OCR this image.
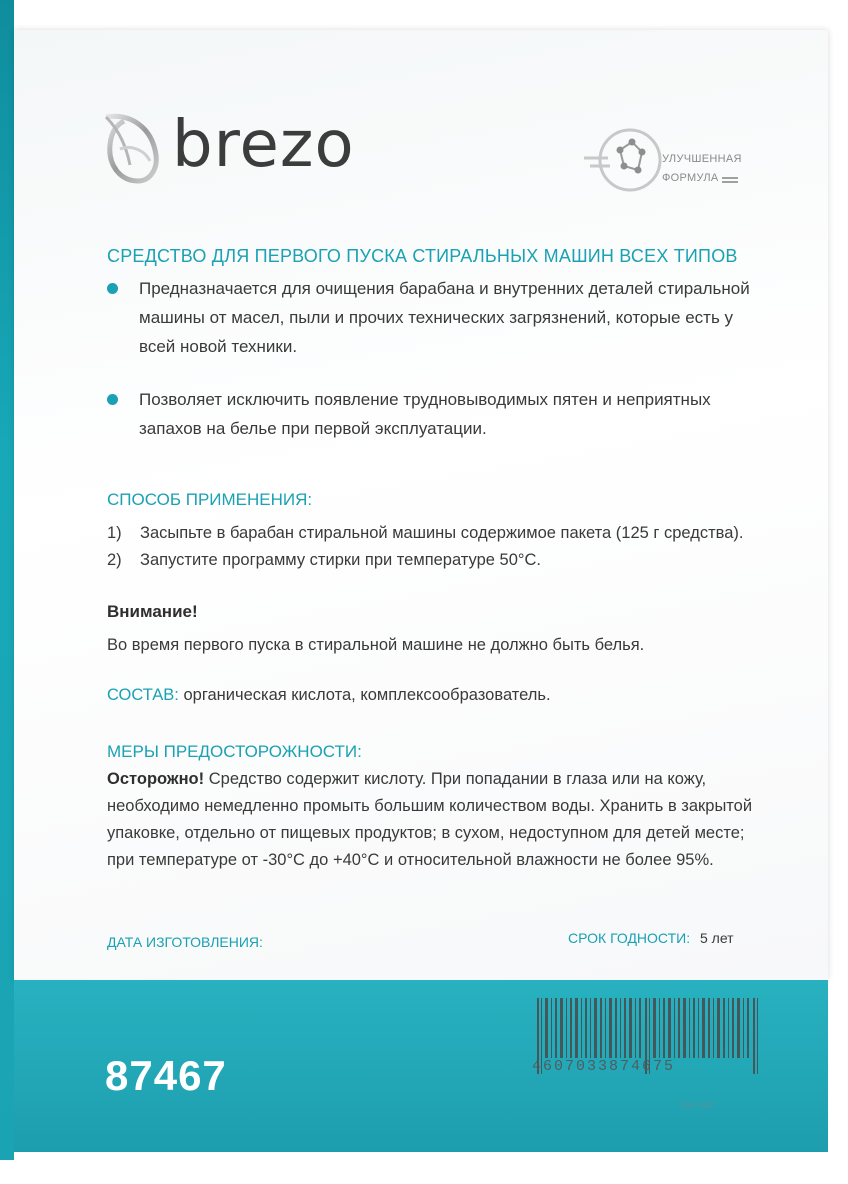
brezo	УЛУЧШЕННАЯ
ФОРМУЛА
СРЕДСТВО ДЛЯ ПЕРВОГО ПУСКА СТИРАЛЬНЫХ МАШИН ВСЕХ ТИПОВ
Предназначается для очищения барабана и внутренних деталей стиральной машины от масел, пыли и прочих технических загрязнений, которые есть у всей новой техники.
Позволяет исключить появление трудновыводимых пятен и неприятных запахов на белье при первой эксплуатации.
СПОСОБ ПРИМЕНЕНИЯ:
1)	Засыпьте в барабан стиральной машины содержимое пакета (125 г средства).
2)	Запустите программу стирки при температуре 50°С.
Внимание!
Во время первого пуска в стиральной машине не должно быть белья.
СОСТАВ: органическая кислота, комплексообразователь.
МЕРЫ ПРЕДОСТОРОЖНОСТИ:
Осторожно! Средство содержит кислоту. При попадании в глаза или на кожу, необходимо немедленно промыть большим количеством воды. Хранить в закрытой упаковке, отдельно от пищевых продуктов; в сухом, недоступном для детей месте; при температуре от -30°С до +40°С и относительной влажности не более 95%.
ДАТА ИЗГОТОВЛЕНИЯ:	СРОК ГОДНОСТИ: 5 лет
87467	4607033874675
ОБ-0447
